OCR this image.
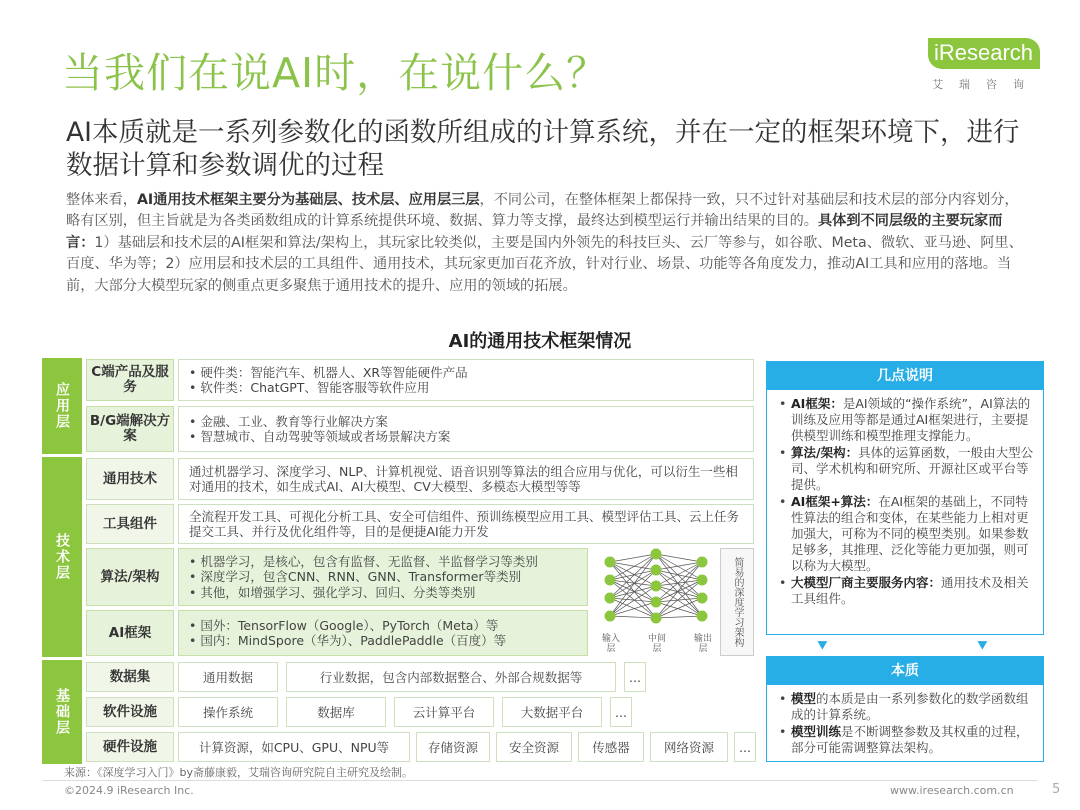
当我们在说AI时，在说什么？	iResearch
艾瑞咨询
AI本质就是一系列参数化的函数所组成的计算系统，并在一定的框架环境下，进行数据计算和参数调优的过程
整体来看，AI通用技术框架主要分为基础层、技术层、应用层三层，不同公司，在整体框架上都保持一致，只不过针对基础层和技术层的部分内容划分，略有区别，但主旨就是为各类函数组成的计算系统提供环境、数据、算力等支撑，最终达到模型运行并输出结果的目的。具体到不同层级的主要玩家而言：1）基础层和技术层的AI框架和算法/架构上，其玩家比较类似，主要是国内外领先的科技巨头、云厂等参与，如谷歌、Meta、微软、亚马逊、阿里、百度、华为等；2）应用层和技术层的工具组件、通用技术，其玩家更加百花齐放，针对行业、场景、功能等各角度发力，推动AI工具和应用的落地。当前，大部分大模型玩家的侧重点更多聚焦于通用技术的提升、应用的领域的拓展。
AI的通用技术框架情况
应用层
技术层
基础层
C端产品及服务
• 硬件类：智能汽车、机器人、XR等智能硬件产品
• 软件类：ChatGPT、智能客服等软件应用
B/G端解决方案
• 金融、工业、教育等行业解决方案
• 智慧城市、自动驾驶等领域或者场景解决方案
通用技术	通过机器学习、深度学习、NLP、计算机视觉、语音识别等算法的组合应用与优化，可以衍生一些相对通用的技术，如生成式AI、AI大模型、CV大模型、多模态大模型等等
工具组件	全流程开发工具、可视化分析工具、安全可信组件、预训练模型应用工具、模型评估工具、云上任务提交工具、并行及优化组件等，目的是便捷AI能力开发
算法/架构
• 机器学习，是核心，包含有监督、无监督、半监督学习等类别
• 深度学习，包含CNN、RNN、GNN、Transformer等类别
• 其他，如增强学习、强化学习、回归、分类等类别
AI框架
•	国外：TensorFlow（Google）、PyTorch（Meta）等
• 国内：MindSpore（华为）、PaddlePaddle（百度）等	输入层
中间层
输出层
简易的深度学习架构
数据集	通用数据	行业数据，包含内部数据整合、外部合规数据等	...
软件设施	操作系统	数据库	云计算平台	大数据平台	...
硬件设施	计算资源，如CPU、GPU、NPU等	存储资源	安全资源	传感器	网络资源	...
几点说明
• AI框架：是AI领域的“操作系统”，AI算法的训练及应用等都是通过AI框架进行，主要提供模型训练和模型推理支撑能力。
• 算法/架构：具体的运算函数，一般由大型公司、学术机构和研究所、开源社区或平台等提供。
• AI框架+算法：在AI框架的基础上，不同特性算法的组合和变体，在某些能力上相对更加强大，可称为不同的模型类别。如果参数足够多，其推理、泛化等能力更加强，则可以称为大模型。
• 大模型厂商主要服务内容：通用技术及相关工具组件。
⯆	⯆
本质
• 模型的本质是由一系列参数化的数学函数组成的计算系统。
• 模型训练是不断调整参数及其权重的过程，部分可能需调整算法架构。
来源：《深度学习入门》by斋藤康毅，艾瑞咨询研究院自主研究及绘制。
©2024.9 iResearch Inc.	www.iresearch.com.cn	5
